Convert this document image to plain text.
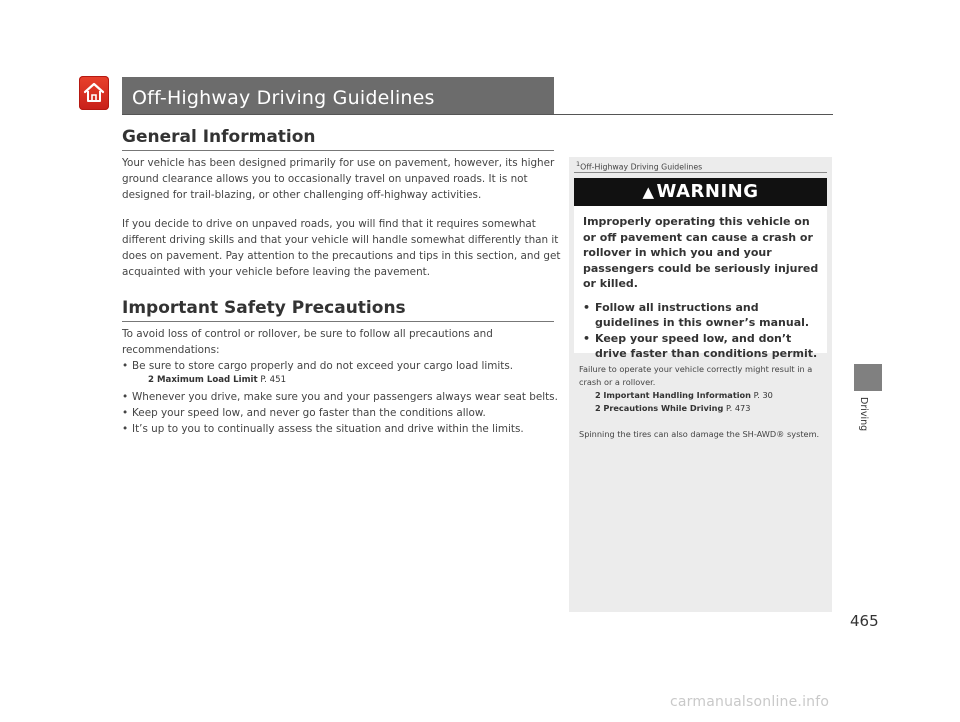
Off-Highway Driving Guidelines
General Information

Your vehicle has been designed primarily for use on pavement, however, its higher

ground clearance allows you to occasionally travel on unpaved roads. It is not

designed for trail-blazing, or other challenging off-highway activities.

If you decide to drive on unpaved roads, you will find that it requires somewhat

different driving skills and that your vehicle will handle somewhat differently than it

does on pavement. Pay attention to the precautions and tips in this section, and get

acquainted with your vehicle before leaving the pavement.

Important Safety Precautions

To avoid loss of control or rollover, be sure to follow all precautions and

recommendations:

• Be sure to store cargo properly and do not exceed your cargo load limits.
2 Maximum Load Limit P. 451
• Whenever you drive, make sure you and your passengers always wear seat belts.
• Keep your speed low, and never go faster than the conditions allow.
• It’s up to you to continually assess the situation and drive within the limits.
$^1$Off-Highway Driving Guidelines
▲ WARNING

Improperly operating this vehicle on or off pavement can cause a crash or rollover in which you and your passengers could be seriously injured or killed.

• Follow all instructions and guidelines in this owner’s manual.
• Keep your speed low, and don’t drive faster than conditions permit.

Failure to operate your vehicle correctly might result in a crash or a rollover.

2 Important Handling Information P. 30
2 Precautions While Driving P. 473

Spinning the tires can also damage the SH-AWD® system.

Driving
465
carmanualsonline.info
